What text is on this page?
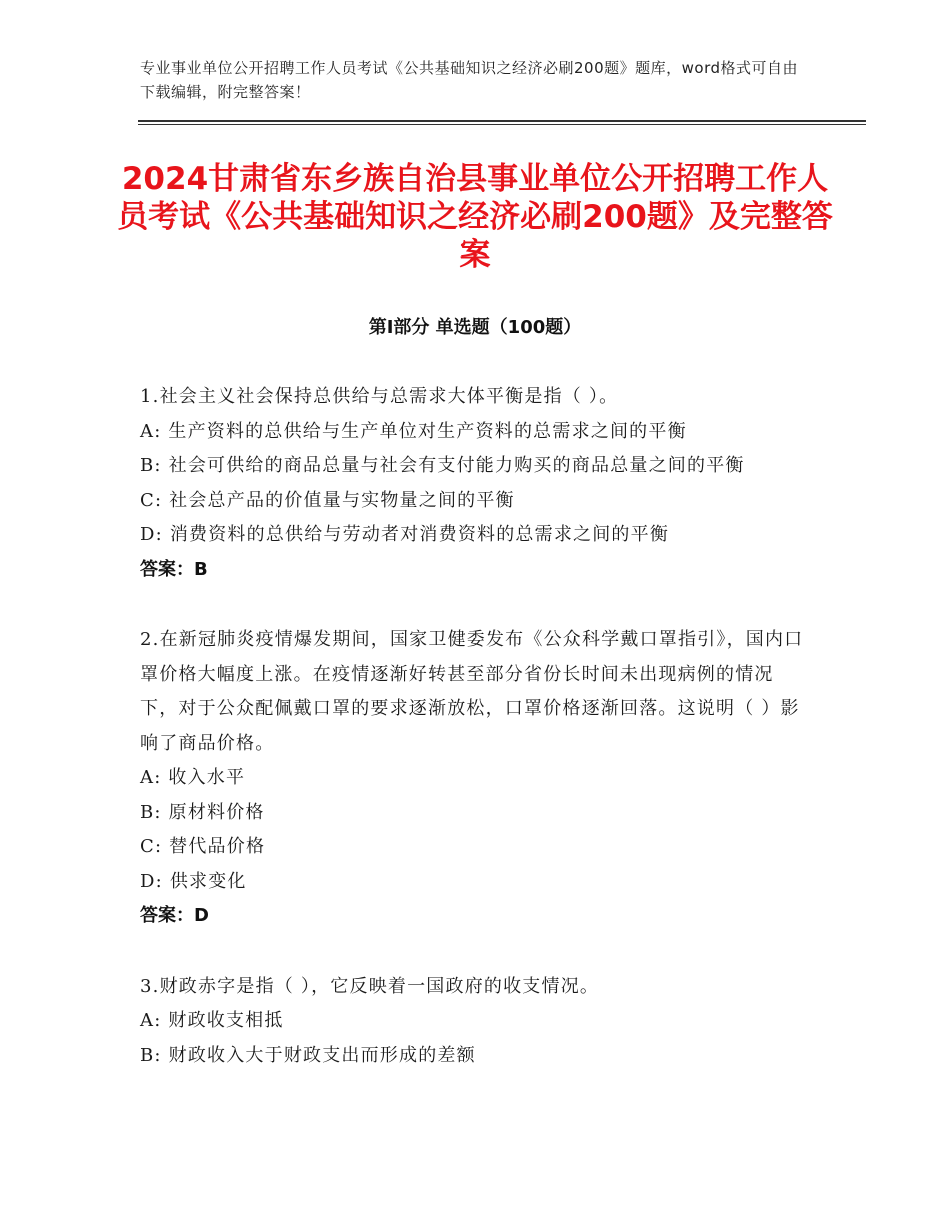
专业事业单位公开招聘工作人员考试《公共基础知识之经济必刷200题》题库，word格式可自由下载编辑，附完整答案！
2024甘肃省东乡族自治县事业单位公开招聘工作人员考试《公共基础知识之经济必刷200题》及完整答案
第Ⅰ部分 单选题（100题）
1.社会主义社会保持总供给与总需求大体平衡是指（ ）。
A: 生产资料的总供给与生产单位对生产资料的总需求之间的平衡
B: 社会可供给的商品总量与社会有支付能力购买的商品总量之间的平衡
C: 社会总产品的价值量与实物量之间的平衡
D: 消费资料的总供给与劳动者对消费资料的总需求之间的平衡
答案：B
2.在新冠肺炎疫情爆发期间，国家卫健委发布《公众科学戴口罩指引》，国内口罩价格大幅度上涨。在疫情逐渐好转甚至部分省份长时间未出现病例的情况下，对于公众配佩戴口罩的要求逐渐放松，口罩价格逐渐回落。这说明（ ）影响了商品价格。
A: 收入水平
B: 原材料价格
C: 替代品价格
D: 供求变化
答案：D
3.财政赤字是指（ ），它反映着一国政府的收支情况。
A: 财政收支相抵
B: 财政收入大于财政支出而形成的差额
